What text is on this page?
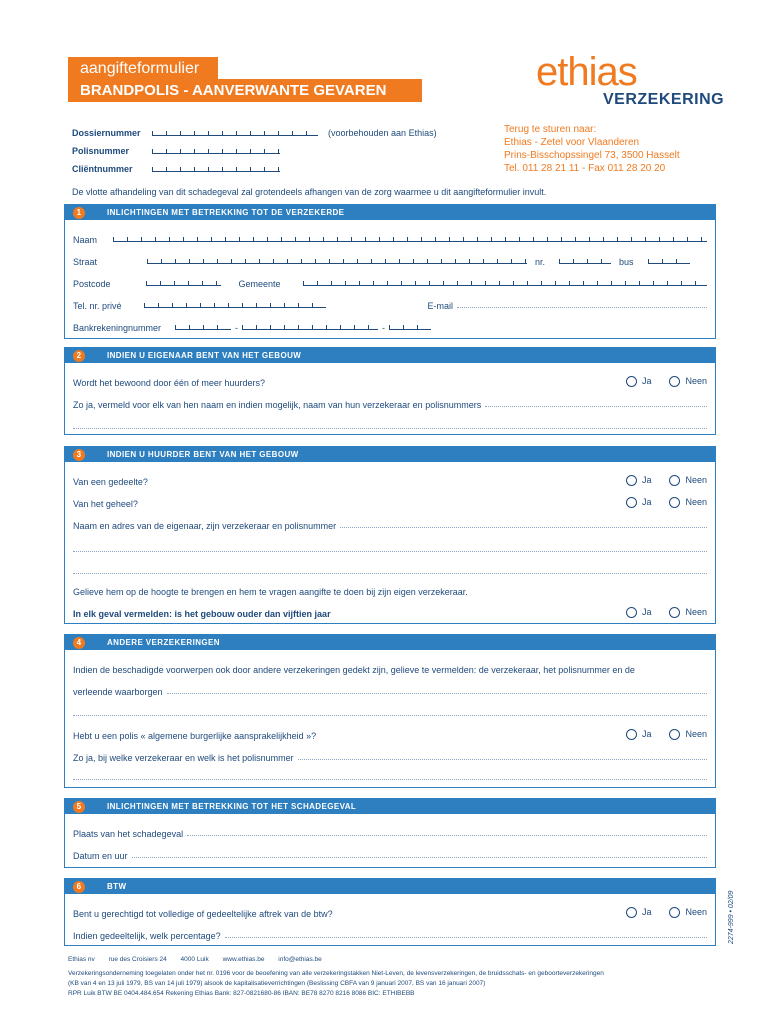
aangifteformulier
BRANDPOLIS - AANVERWANTE GEVAREN	ethias
VERZEKERING
Dossiernummer	(voorbehouden aan Ethias)
Polisnummer
Cliëntnummer
Terug te sturen naar:
Ethias - Zetel voor Vlaanderen
Prins-Bisschopssingel 73, 3500 Hasselt
Tel. 011 28 21 11 - Fax 011 28 20 20
De vlotte afhandeling van dit schadegeval zal grotendeels afhangen van de zorg waarmee u dit aangifteformulier invult.
1	INLICHTINGEN MET BETREKKING TOT DE VERZEKERDE
Naam
Straat	nr.	bus
Postcode	Gemeente
Tel. nr. privé	E-mail
Bankrekeningnummer	-	-
2	INDIEN U EIGENAAR BENT VAN HET GEBOUW
Wordt het bewoond door één of meer huurders?	Ja	Neen
Zo ja, vermeld voor elk van hen naam en indien mogelijk, naam van hun verzekeraar en polisnummers
3	INDIEN U HUURDER BENT VAN HET GEBOUW
Van een gedeelte?	Ja	Neen
Van het geheel?	Ja	Neen
Naam en adres van de eigenaar, zijn verzekeraar en polisnummer
Gelieve hem op de hoogte te brengen en hem te vragen aangifte te doen bij zijn eigen verzekeraar.
In elk geval vermelden: is het gebouw ouder dan vijftien jaar	Ja	Neen
4	ANDERE VERZEKERINGEN
Indien de beschadigde voorwerpen ook door andere verzekeringen gedekt zijn, gelieve te vermelden: de verzekeraar, het polisnummer en de
verleende waarborgen
Hebt u een polis « algemene burgerlijke aansprakelijkheid »?	Ja	Neen
Zo ja, bij welke verzekeraar en welk is het polisnummer
5	INLICHTINGEN MET BETREKKING TOT HET SCHADEGEVAL
Plaats van het schadegeval
Datum en uur
6	BTW
Bent u gerechtigd tot volledige of gedeeltelijke aftrek van de btw?	Ja	Neen
Indien gedeeltelijk, welk percentage?	2274-999 • 02/09
Ethias nv rue des Croisiers 24 4000 Luik www.ethias.be info@ethias.be
Verzekeringsonderneming toegelaten onder het nr. 0196 voor de beoefening van alle verzekeringstakken Niet-Leven, de levensverzekeringen, de bruidsschats- en geboorteverzekeringen
(KB van 4 en 13 juli 1979, BS van 14 juli 1979) alsook de kapitalisatieverrichtingen (Beslissing CBFA van 9 januari 2007, BS van 16 januari 2007)
RPR Luik BTW BE 0404.484.654 Rekening Ethias Bank: 827-0821680-86 IBAN: BE78 8270 8216 8086 BIC: ETHIBEBB
